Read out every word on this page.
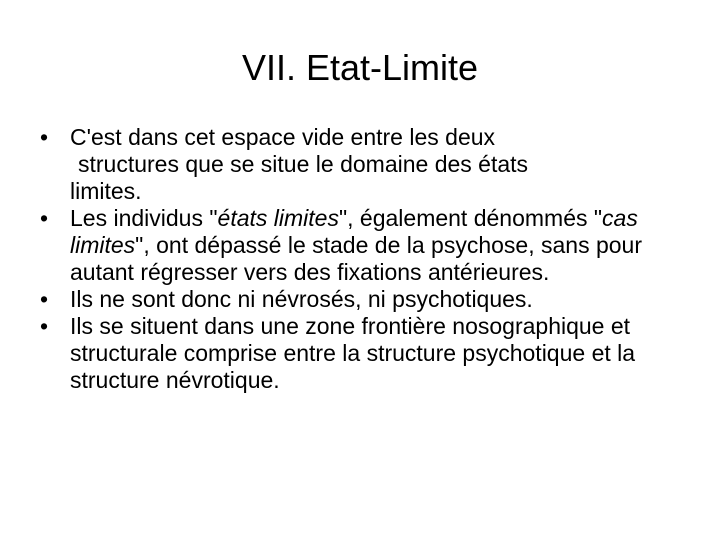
VII. Etat-Limite
• C'est dans cet espace vide entre les deux
structures que se situe le domaine des états
limites.
• Les individus "états limites", également dénommés "cas limites", ont dépassé le stade de la psychose, sans pour autant régresser vers des fixations antérieures.
• Ils ne sont donc ni névrosés, ni psychotiques.
• Ils se situent dans une zone frontière nosographique et structurale comprise entre la structure psychotique et la structure névrotique.
